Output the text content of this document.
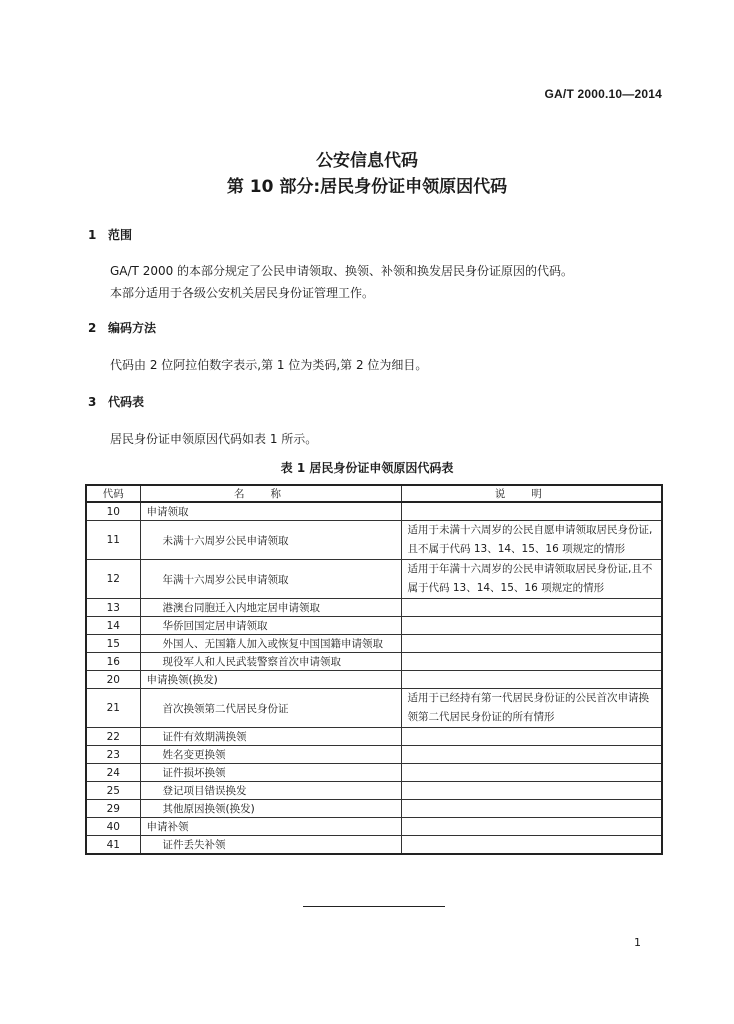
GA/T 2000.10—2014
公安信息代码
第 10 部分:居民身份证申领原因代码
1 范围
GA/T 2000 的本部分规定了公民申请领取、换领、补领和换发居民身份证原因的代码。
本部分适用于各级公安机关居民身份证管理工作。
2 编码方法
代码由 2 位阿拉伯数字表示,第 1 位为类码,第 2 位为细目。
3 代码表
居民身份证申领原因代码如表 1 所示。
表 1 居民身份证申领原因代码表
代码	名称	说明
10	申请领取	
11	未满十六周岁公民申请领取	适用于未满十六周岁的公民自愿申请领取居民身份证,且不属于代码 13、14、15、16 项规定的情形
12	年满十六周岁公民申请领取	适用于年满十六周岁的公民申请领取居民身份证,且不属于代码 13、14、15、16 项规定的情形
13	港澳台同胞迁入内地定居申请领取	
14	华侨回国定居申请领取	
15	外国人、无国籍人加入或恢复中国国籍申请领取	
16	现役军人和人民武装警察首次申请领取	
20	申请换领(换发)	
21	首次换领第二代居民身份证	适用于已经持有第一代居民身份证的公民首次申请换领第二代居民身份证的所有情形
22	证件有效期满换领	
23	姓名变更换领	
24	证件损坏换领	
25	登记项目错误换发	
29	其他原因换领(换发)	
40	申请补领	
41	证件丢失补领	
1
